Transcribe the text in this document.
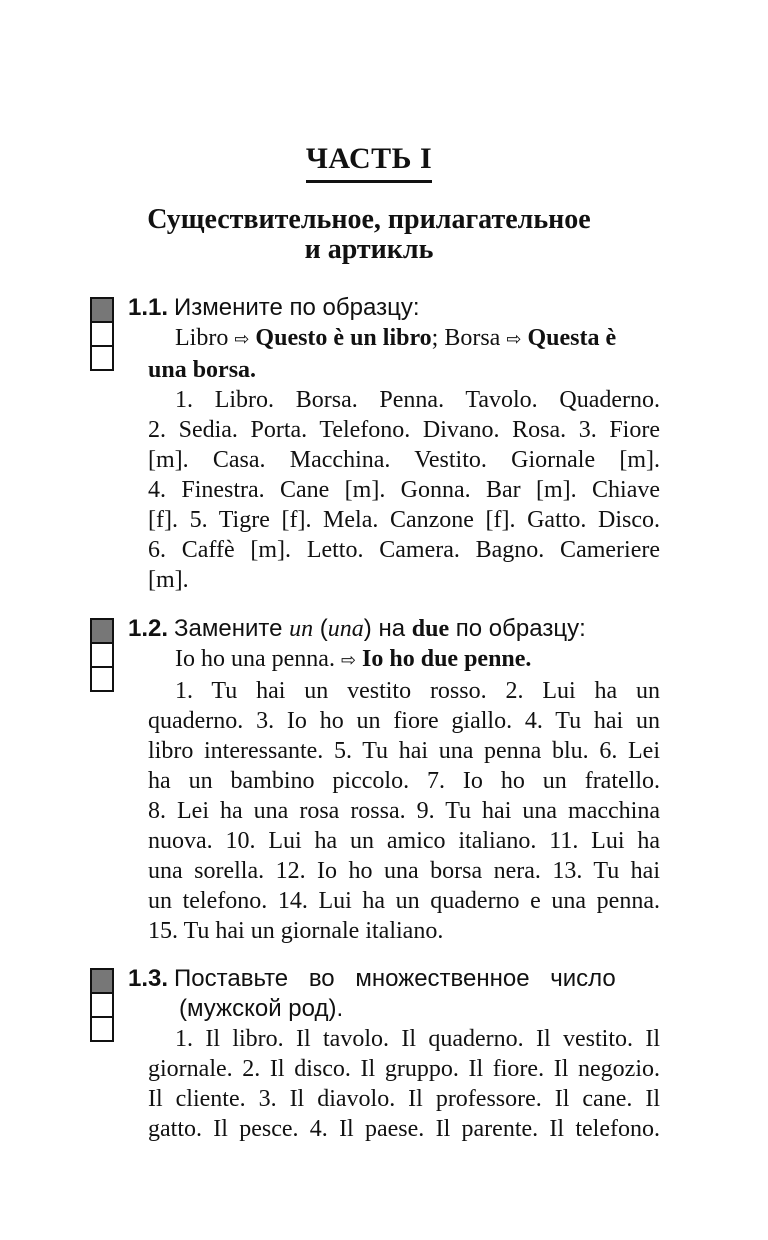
ЧАСТЬ I
Существительное, прилагательное
и артикль
1.1. Измените по образцу:
Libro ⇨ Questo è un libro; Borsa ⇨ Questa è
una borsa.
1. Libro. Borsa. Penna. Tavolo. Quaderno.
2. Sedia. Porta. Telefono. Divano. Rosa. 3. Fiore
[m]. Casa. Macchina. Vestito. Giornale [m].
4. Finestra. Cane [m]. Gonna. Bar [m]. Chiave
[f]. 5. Tigre [f]. Mela. Canzone [f]. Gatto. Disco.
6. Caffè [m]. Letto. Camera. Bagno. Cameriere
[m].
1.2. Замените un (una) на due по образцу:
Io ho una penna. ⇨ Io ho due penne.
1. Tu hai un vestito rosso. 2. Lui ha un
quaderno. 3. Io ho un fiore giallo. 4. Tu hai un
libro interessante. 5. Tu hai una penna blu. 6. Lei
ha un bambino piccolo. 7. Io ho un fratello.
8. Lei ha una rosa rossa. 9. Tu hai una macchina
nuova. 10. Lui ha un amico italiano. 11. Lui ha
una sorella. 12. Io ho una borsa nera. 13. Tu hai
un telefono. 14. Lui ha un quaderno e una penna.
15. Tu hai un giornale italiano.
1.3. Поставьте во множественное число
(мужской род).
1. Il libro. Il tavolo. Il quaderno. Il vestito. Il
giornale. 2. Il disco. Il gruppo. Il fiore. Il negozio.
Il cliente. 3. Il diavolo. Il professore. Il cane. Il
gatto. Il pesce. 4. Il paese. Il parente. Il telefono.
